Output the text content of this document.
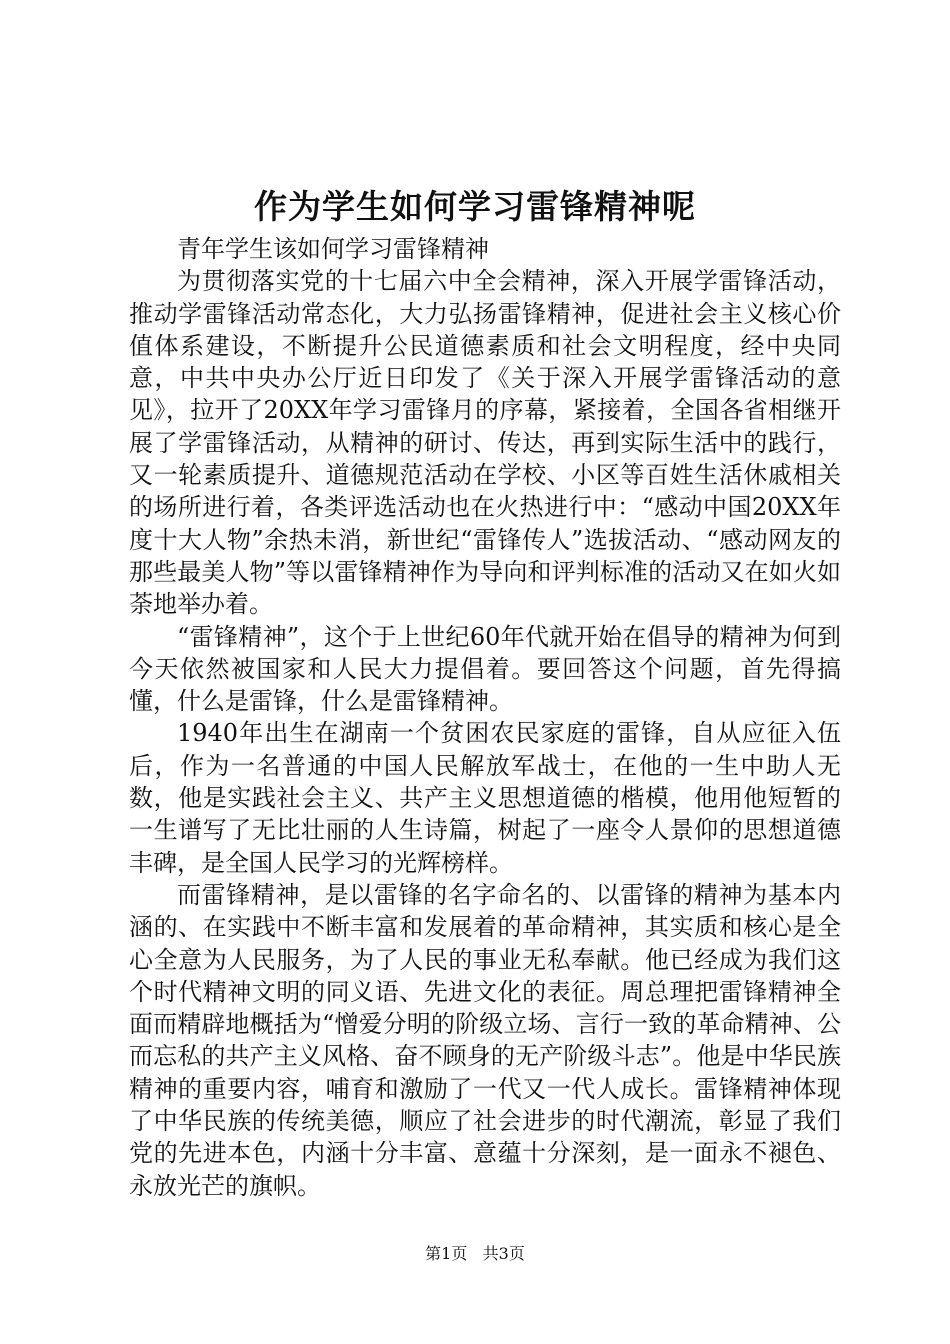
作为学生如何学习雷锋精神呢

青年学生该如何学习雷锋精神

为贯彻落实党的十七届六中全会精神，深入开展学雷锋活动，推动学雷锋活动常态化，大力弘扬雷锋精神，促进社会主义核心价值体系建设，不断提升公民道德素质和社会文明程度，经中央同意，中共中央办公厅近日印发了《关于深入开展学雷锋活动的意见》，拉开了20XX年学习雷锋月的序幕，紧接着，全国各省相继开展了学雷锋活动，从精神的研讨、传达，再到实际生活中的践行，又一轮素质提升、道德规范活动在学校、小区等百姓生活休戚相关的场所进行着，各类评选活动也在火热进行中：“感动中国20XX年度十大人物”余热未消，新世纪“雷锋传人”选拔活动、“感动网友的那些最美人物”等以雷锋精神作为导向和评判标准的活动又在如火如荼地举办着。

“雷锋精神”，这个于上世纪60年代就开始在倡导的精神为何到今天依然被国家和人民大力提倡着。要回答这个问题，首先得搞懂，什么是雷锋，什么是雷锋精神。

1940年出生在湖南一个贫困农民家庭的雷锋，自从应征入伍后，作为一名普通的中国人民解放军战士，在他的一生中助人无数，他是实践社会主义、共产主义思想道德的楷模，他用他短暂的一生谱写了无比壮丽的人生诗篇，树起了一座令人景仰的思想道德丰碑，是全国人民学习的光辉榜样。

而雷锋精神，是以雷锋的名字命名的、以雷锋的精神为基本内涵的、在实践中不断丰富和发展着的革命精神，其实质和核心是全心全意为人民服务，为了人民的事业无私奉献。他已经成为我们这个时代精神文明的同义语、先进文化的表征。周总理把雷锋精神全面而精辟地概括为“憎爱分明的阶级立场、言行一致的革命精神、公而忘私的共产主义风格、奋不顾身的无产阶级斗志”。他是中华民族精神的重要内容，哺育和激励了一代又一代人成长。雷锋精神体现了中华民族的传统美德，顺应了社会进步的时代潮流，彰显了我们党的先进本色，内涵十分丰富、意蕴十分深刻，是一面永不褪色、永放光芒的旗帜。

第1页 共3页
